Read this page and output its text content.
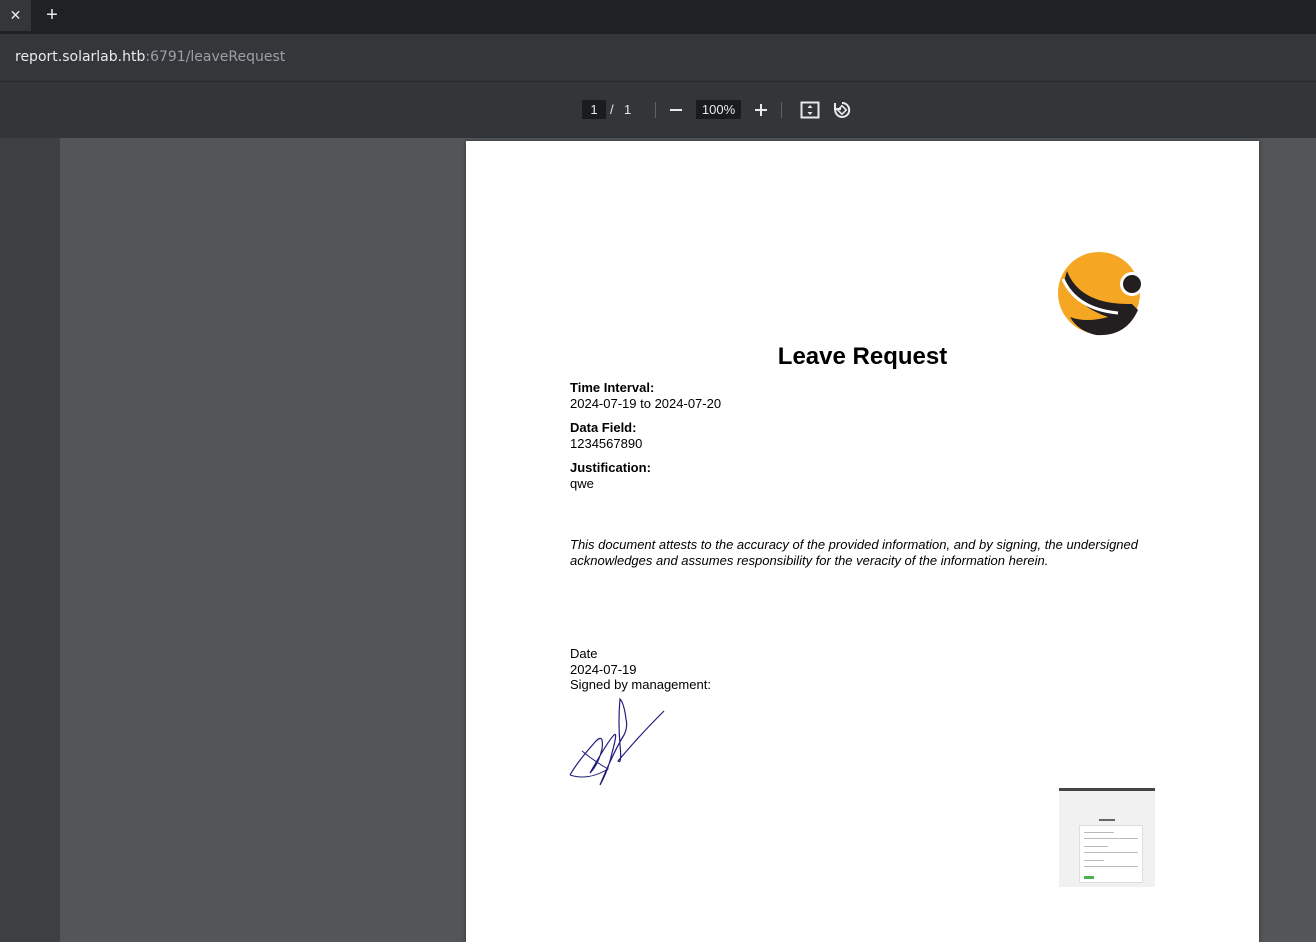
✕ +
report.solarlab.htb:6791/leaveRequest
1
/ 1
100%
Leave Request
Time Interval:
2024-07-19 to 2024-07-20
Data Field:
1234567890
Justification:
qwe
This document attests to the accuracy of the provided information, and by signing, the undersigned acknowledges and assumes responsibility for the veracity of the information herein.
Date
2024-07-19
Signed by management:
